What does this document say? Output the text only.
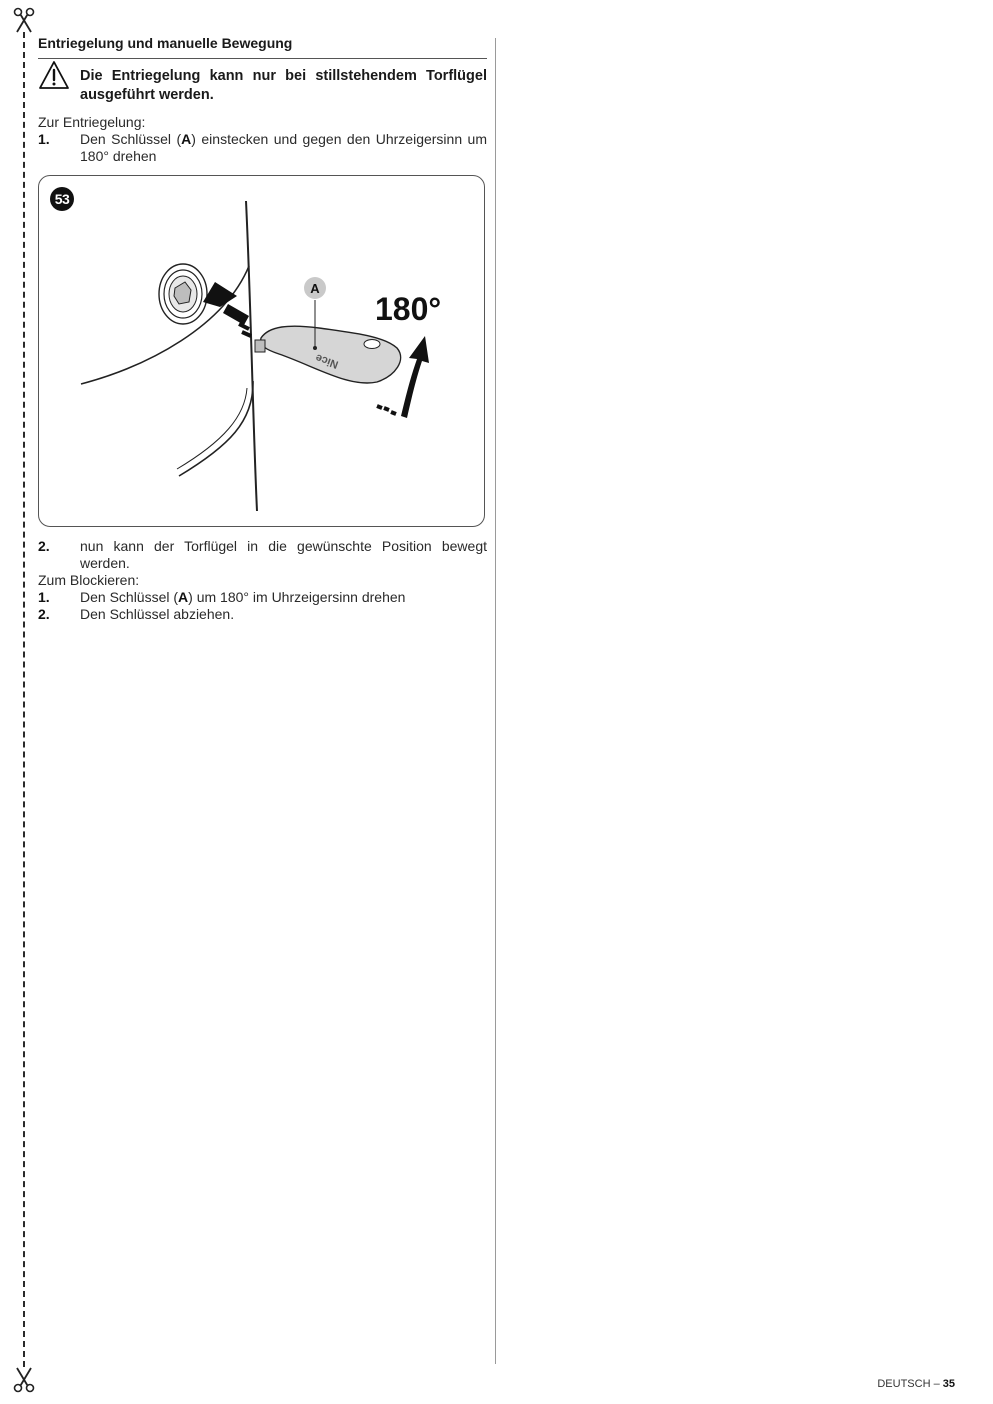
Entriegelung und manuelle Bewegung
Die Entriegelung kann nur bei stillstehendem Torflügel ausgeführt werden.
Zur Entriegelung:
1. Den Schlüssel (A) einstecken und gegen den Uhrzeigersinn um 180° drehen
Nice
53
A
180°
2. nun kann der Torflügel in die gewünschte Position bewegt werden.
Zum Blockieren:
1. Den Schlüssel (A) um 180° im Uhrzeigersinn drehen
2. Den Schlüssel abziehen.
DEUTSCH – 35
